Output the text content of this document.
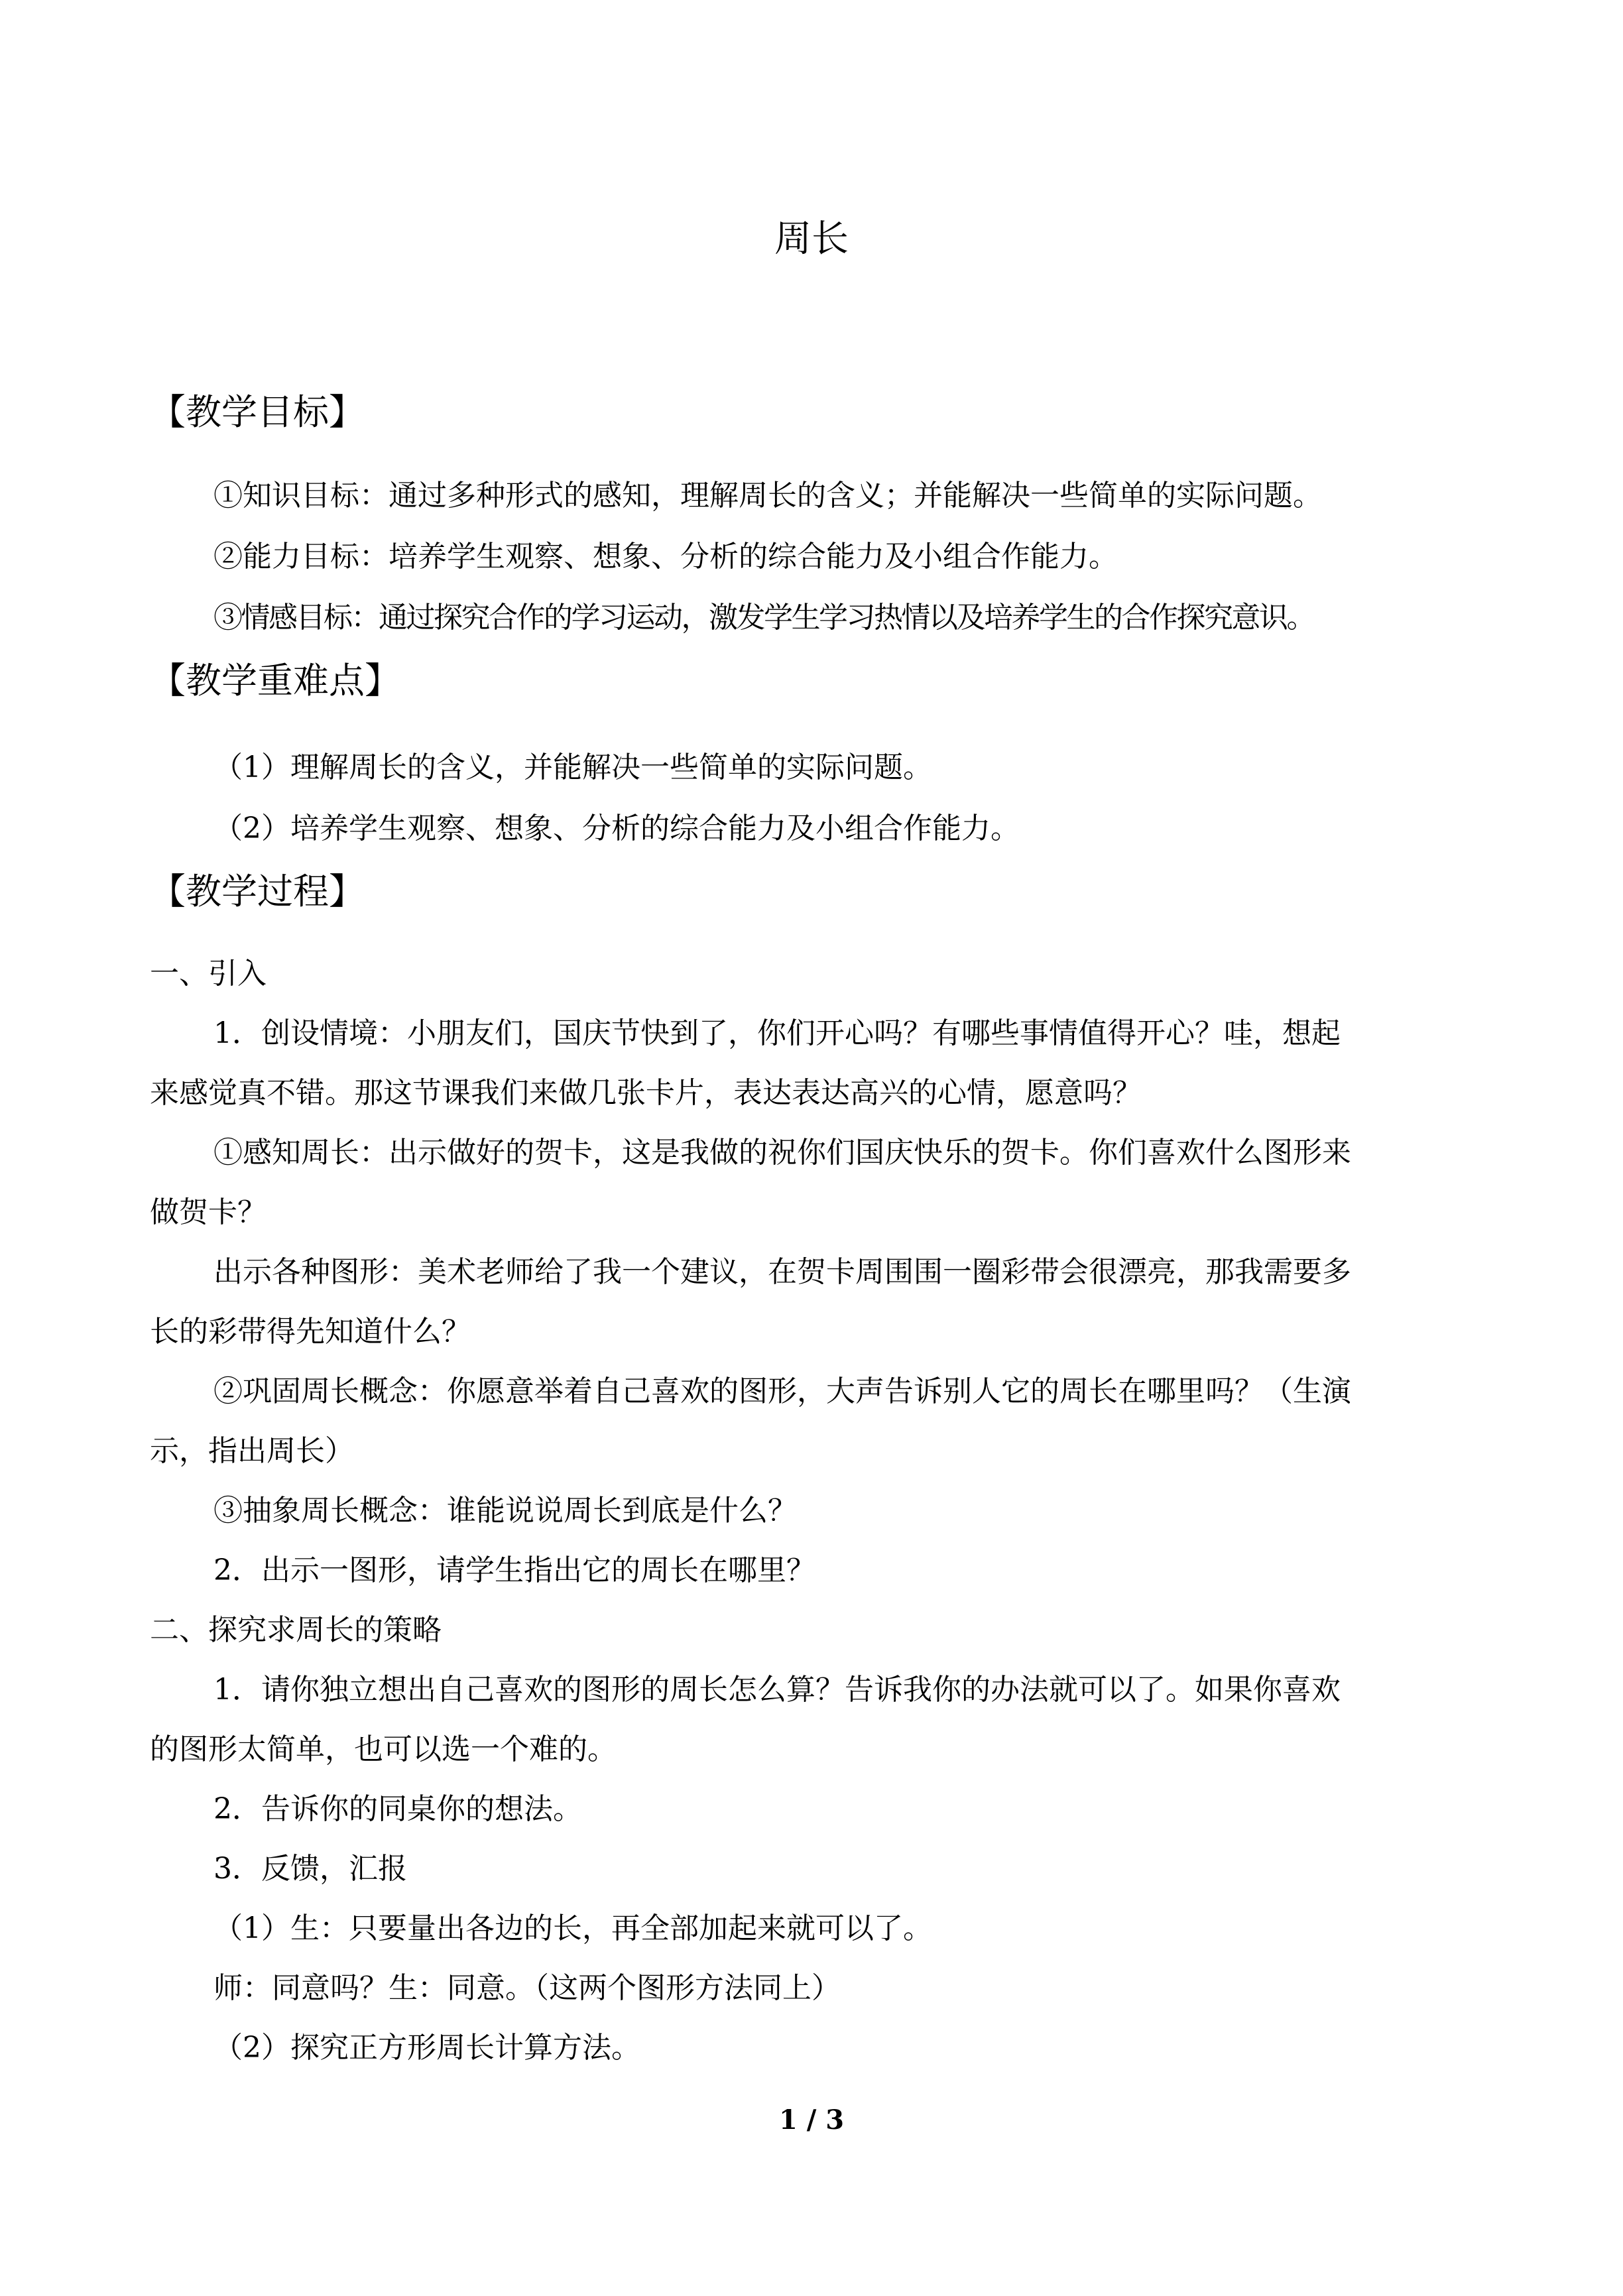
周长
【教学目标】
①知识目标：通过多种形式的感知，理解周长的含义；并能解决一些简单的实际问题。
②能力目标：培养学生观察、想象、分析的综合能力及小组合作能力。
③情感目标：通过探究合作的学习运动，激发学生学习热情以及培养学生的合作探究意识。
【教学重难点】
（1）理解周长的含义，并能解决一些简单的实际问题。
（2）培养学生观察、想象、分析的综合能力及小组合作能力。
【教学过程】
一、引入
1．创设情境：小朋友们，国庆节快到了，你们开心吗？有哪些事情值得开心？哇，想起
来感觉真不错。那这节课我们来做几张卡片，表达表达高兴的心情，愿意吗？
①感知周长：出示做好的贺卡，这是我做的祝你们国庆快乐的贺卡。你们喜欢什么图形来
做贺卡？
出示各种图形：美术老师给了我一个建议，在贺卡周围围一圈彩带会很漂亮，那我需要多
长的彩带得先知道什么？
②巩固周长概念：你愿意举着自己喜欢的图形，大声告诉别人它的周长在哪里吗？（生演
示，指出周长）
③抽象周长概念：谁能说说周长到底是什么？
2．出示一图形，请学生指出它的周长在哪里？
二、探究求周长的策略
1．请你独立想出自己喜欢的图形的周长怎么算？告诉我你的办法就可以了。如果你喜欢
的图形太简单，也可以选一个难的。
2．告诉你的同桌你的想法。
3．反馈，汇报
（1）生：只要量出各边的长，再全部加起来就可以了。
师：同意吗？生：同意。（这两个图形方法同上）
（2）探究正方形周长计算方法。
1 / 3
